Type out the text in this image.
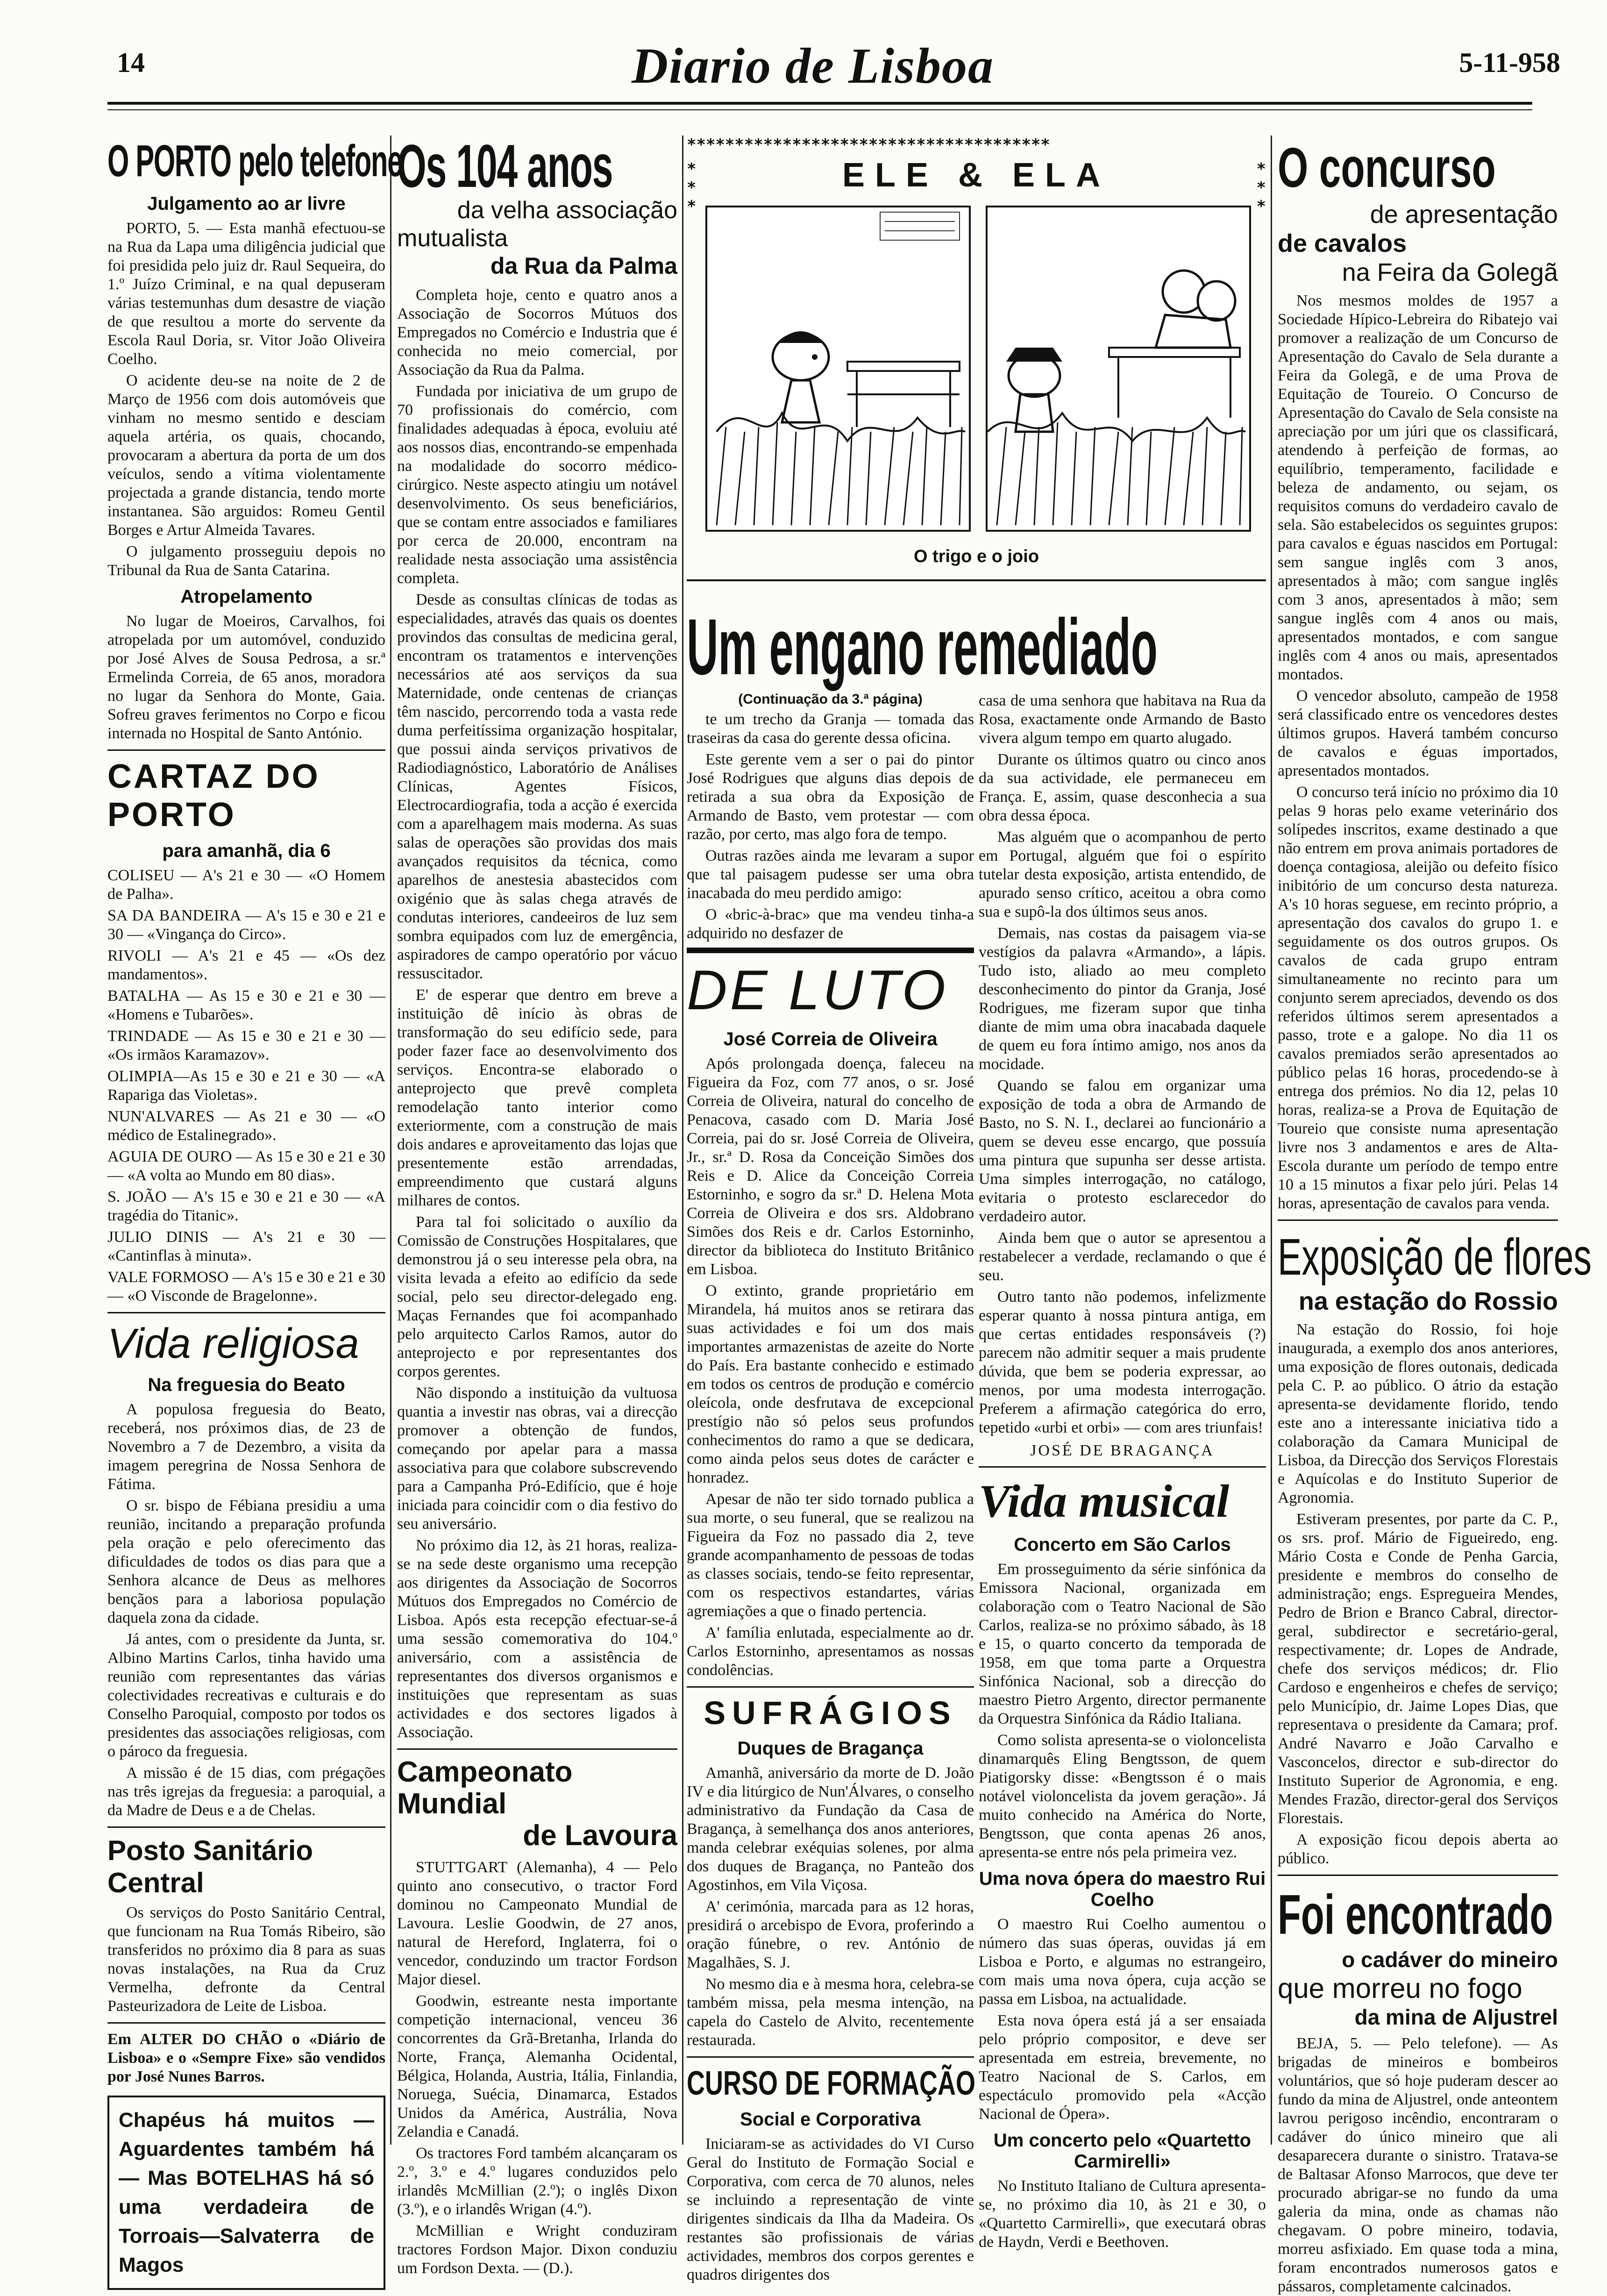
14	Diario de Lisboa	5-11-958
O PORTO pelo telefone
Julgamento ao ar livre

PORTO, 5. — Esta manhã efectuou-se na Rua da Lapa uma diligência judicial que foi presidida pelo juiz dr. Raul Sequeira, do 1.º Juízo Criminal, e na qual depuseram várias testemunhas dum desastre de viação de que resultou a morte do servente da Escola Raul Doria, sr. Vitor João Oliveira Coelho.

O acidente deu-se na noite de 2 de Março de 1956 com dois automóveis que vinham no mesmo sentido e desciam aquela artéria, os quais, chocando, provocaram a abertura da porta de um dos veículos, sendo a vítima violentamente projectada a grande distancia, tendo morte instantanea. São arguidos: Romeu Gentil Borges e Artur Almeida Tavares.

O julgamento prosseguiu depois no Tribunal da Rua de Santa Catarina.

Atropelamento

No lugar de Moeiros, Carvalhos, foi atropelada por um automóvel, conduzido por José Alves de Sousa Pedrosa, a sr.ª Ermelinda Correia, de 65 anos, moradora no lugar da Senhora do Monte, Gaia. Sofreu graves ferimentos no Corpo e ficou internada no Hospital de Santo António.

CARTAZ DO PORTO
para amanhã, dia 6

COLISEU — A's 21 e 30 — «O Homem de Palha».

SA DA BANDEIRA — A's 15 e 30 e 21 e 30 — «Vingança do Circo».

RIVOLI — A's 21 e 45 — «Os dez mandamentos».

BATALHA — As 15 e 30 e 21 e 30 — «Homens e Tubarões».

TRINDADE — As 15 e 30 e 21 e 30 — «Os irmãos Karamazov».

OLIMPIA—As 15 e 30 e 21 e 30 — «A Rapariga das Violetas».

NUN'ALVARES — As 21 e 30 — «O médico de Estalinegrado».

AGUIA DE OURO — As 15 e 30 e 21 e 30 — «A volta ao Mundo em 80 dias».

S. JOÃO — A's 15 e 30 e 21 e 30 — «A tragédia do Titanic».

JULIO DINIS — A's 21 e 30 — «Cantinflas à minuta».

VALE FORMOSO — A's 15 e 30 e 21 e 30 — «O Visconde de Bragelonne».

Vida religiosa
Na freguesia do Beato

A populosa freguesia do Beato, receberá, nos próximos dias, de 23 de Novembro a 7 de Dezembro, a visita da imagem peregrina de Nossa Senhora de Fátima.

O sr. bispo de Fébiana presidiu a uma reunião, incitando a preparação profunda pela oração e pelo oferecimento das dificuldades de todos os dias para que a Senhora alcance de Deus as melhores bençãos para a laboriosa população daquela zona da cidade.

Já antes, com o presidente da Junta, sr. Albino Martins Carlos, tinha havido uma reunião com representantes das várias colectividades recreativas e culturais e do Conselho Paroquial, composto por todos os presidentes das associações religiosas, com o pároco da freguesia.

A missão é de 15 dias, com prégações nas três igrejas da freguesia: a paroquial, a da Madre de Deus e a de Chelas.

Posto Sanitário Central

Os serviços do Posto Sanitário Central, que funcionam na Rua Tomás Ribeiro, são transferidos no próximo dia 8 para as suas novas instalações, na Rua da Cruz Vermelha, defronte da Central Pasteurizadora de Leite de Lisboa.

Em ALTER DO CHÃO o «Diário de Lisboa» e o «Sempre Fixe» são vendidos por José Nunes Barros.

Chapéus há muitos — Aguardentes também há — Mas BOTELHAS há só uma verdadeira de Torroais—Salvaterra de Magos
Os 104 anos
da velha associação
mutualista
da Rua da Palma

Completa hoje, cento e quatro anos a Associação de Socorros Mútuos dos Empregados no Comércio e Industria que é conhecida no meio comercial, por Associação da Rua da Palma.

Fundada por iniciativa de um grupo de 70 profissionais do comércio, com finalidades adequadas à época, evoluiu até aos nossos dias, encontrando-se empenhada na modalidade do socorro médico-cirúrgico. Neste aspecto atingiu um notável desenvolvimento. Os seus beneficiários, que se contam entre associados e familiares por cerca de 20.000, encontram na realidade nesta associação uma assistência completa.

Desde as consultas clínicas de todas as especialidades, através das quais os doentes provindos das consultas de medicina geral, encontram os tratamentos e intervenções necessários até aos serviços da sua Maternidade, onde centenas de crianças têm nascido, percorrendo toda a vasta rede duma perfeitíssima organização hospitalar, que possui ainda serviços privativos de Radiodiagnóstico, Laboratório de Análises Clínicas, Agentes Físicos, Electrocardiografia, toda a acção é exercida com a aparelhagem mais moderna. As suas salas de operações são providas dos mais avançados requisitos da técnica, como aparelhos de anestesia abastecidos com oxigénio que às salas chega através de condutas interiores, candeeiros de luz sem sombra equipados com luz de emergência, aspiradores de campo operatório por vácuo ressuscitador.

E' de esperar que dentro em breve a instituição dê início às obras de transformação do seu edifício sede, para poder fazer face ao desenvolvimento dos serviços. Encontra-se elaborado o anteprojecto que prevê completa remodelação tanto interior como exteriormente, com a construção de mais dois andares e aproveitamento das lojas que presentemente estão arrendadas, empreendimento que custará alguns milhares de contos.

Para tal foi solicitado o auxílio da Comissão de Construções Hospitalares, que demonstrou já o seu interesse pela obra, na visita levada a efeito ao edifício da sede social, pelo seu director-delegado eng. Maças Fernandes que foi acompanhado pelo arquitecto Carlos Ramos, autor do anteprojecto e por representantes dos corpos gerentes.

Não dispondo a instituição da vultuosa quantia a investir nas obras, vai a direcção promover a obtenção de fundos, começando por apelar para a massa associativa para que colabore subscrevendo para a Campanha Pró-Edifício, que é hoje iniciada para coincidir com o dia festivo do seu aniversário.

No próximo dia 12, às 21 horas, realiza-se na sede deste organismo uma recepção aos dirigentes da Associação de Socorros Mútuos dos Empregados no Comércio de Lisboa. Após esta recepção efectuar-se-á uma sessão comemorativa do 104.º aniversário, com a assistência de representantes dos diversos organismos e instituições que representam as suas actividades e dos sectores ligados à Associação.

Campeonato Mundial
de Lavoura

STUTTGART (Alemanha), 4 — Pelo quinto ano consecutivo, o tractor Ford dominou no Campeonato Mundial de Lavoura. Leslie Goodwin, de 27 anos, natural de Hereford, Inglaterra, foi o vencedor, conduzindo um tractor Fordson Major diesel.

Goodwin, estreante nesta importante competição internacional, venceu 36 concorrentes da Grã-Bretanha, Irlanda do Norte, França, Alemanha Ocidental, Bélgica, Holanda, Austria, Itália, Finlandia, Noruega, Suécia, Dinamarca, Estados Unidos da América, Austrália, Nova Zelandia e Canadá.

Os tractores Ford também alcançaram os 2.º, 3.º e 4.º lugares conduzidos pelo irlandês McMillian (2.º); o inglês Dixon (3.º), e o irlandês Wrigan (4.º).

McMillian e Wright conduziram tractores Fordson Major. Dixon conduziu um Fordson Dexta. — (D.).

**************************************
*
*
*
*
*
*
ELE & ELA
O trigo e o joio
Um engano remediado
(Continuação da 3.ª página)

te um trecho da Granja — tomada das traseiras da casa do gerente dessa oficina.

Este gerente vem a ser o pai do pintor José Rodrigues que alguns dias depois de retirada a sua obra da Exposição de Armando de Basto, vem protestar — com razão, por certo, mas algo fora de tempo.

Outras razões ainda me levaram a supor que tal paisagem pudesse ser uma obra inacabada do meu perdido amigo:

O «bric-à-brac» que ma vendeu tinha-a adquirido no desfazer de

DE LUTO
José Correia de Oliveira

Após prolongada doença, faleceu na Figueira da Foz, com 77 anos, o sr. José Correia de Oliveira, natural do concelho de Penacova, casado com D. Maria José Correia, pai do sr. José Correia de Oliveira, Jr., sr.ª D. Rosa da Conceição Simões dos Reis e D. Alice da Conceição Correia Estorninho, e sogro da sr.ª D. Helena Mota Correia de Oliveira e dos srs. Aldobrano Simões dos Reis e dr. Carlos Estorninho, director da biblioteca do Instituto Britânico em Lisboa.

O extinto, grande proprietário em Mirandela, há muitos anos se retirara das suas actividades e foi um dos mais importantes armazenistas de azeite do Norte do País. Era bastante conhecido e estimado em todos os centros de produção e comércio oleícola, onde desfrutava de excepcional prestígio não só pelos seus profundos conhecimentos do ramo a que se dedicara, como ainda pelos seus dotes de carácter e honradez.

Apesar de não ter sido tornado publica a sua morte, o seu funeral, que se realizou na Figueira da Foz no passado dia 2, teve grande acompanhamento de pessoas de todas as classes sociais, tendo-se feito representar, com os respectivos estandartes, várias agremiações a que o finado pertencia.

A' família enlutada, especialmente ao dr. Carlos Estorninho, apresentamos as nossas condolências.

SUFRÁGIOS
Duques de Bragança

Amanhã, aniversário da morte de D. João IV e dia litúrgico de Nun'Álvares, o conselho administrativo da Fundação da Casa de Bragança, à semelhança dos anos anteriores, manda celebrar exéquias solenes, por alma dos duques de Bragança, no Panteão dos Agostinhos, em Vila Viçosa.

A' cerimónia, marcada para as 12 horas, presidirá o arcebispo de Evora, proferindo a oração fúnebre, o rev. António de Magalhães, S. J.

No mesmo dia e à mesma hora, celebra-se também missa, pela mesma intenção, na capela do Castelo de Alvito, recentemente restaurada.

CURSO DE FORMAÇÃO
Social e Corporativa

Iniciaram-se as actividades do VI Curso Geral do Instituto de Formação Social e Corporativa, com cerca de 70 alunos, neles se incluindo a representação de vinte dirigentes sindicais da Ilha da Madeira. Os restantes são profissionais de várias actividades, membros dos corpos gerentes e quadros dirigentes dos

casa de uma senhora que habitava na Rua da Rosa, exactamente onde Armando de Basto vivera algum tempo em quarto alugado.

Durante os últimos quatro ou cinco anos da sua actividade, ele permaneceu em França. E, assim, quase desconhecia a sua obra dessa época.

Mas alguém que o acompanhou de perto em Portugal, alguém que foi o espírito tutelar desta exposição, artista entendido, de apurado senso crítico, aceitou a obra como sua e supô-la dos últimos seus anos.

Demais, nas costas da paisagem via-se vestígios da palavra «Armando», a lápis. Tudo isto, aliado ao meu completo desconhecimento do pintor da Granja, José Rodrigues, me fizeram supor que tinha diante de mim uma obra inacabada daquele de quem eu fora íntimo amigo, nos anos da mocidade.

Quando se falou em organizar uma exposição de toda a obra de Armando de Basto, no S. N. I., declarei ao funcionário a quem se deveu esse encargo, que possuía uma pintura que supunha ser desse artista. Uma simples interrogação, no catálogo, evitaria o protesto esclarecedor do verdadeiro autor.

Ainda bem que o autor se apresentou a restabelecer a verdade, reclamando o que é seu.

Outro tanto não podemos, infelizmente esperar quanto à nossa pintura antiga, em que certas entidades responsáveis (?) parecem não admitir sequer a mais prudente dúvida, que bem se poderia expressar, ao menos, por uma modesta interrogação. Preferem a afirmação categórica do erro, tepetido «urbi et orbi» — com ares triunfais!

JOSÉ DE BRAGANÇA
Vida musical
Concerto em São Carlos

Em prosseguimento da série sinfónica da Emissora Nacional, organizada em colaboração com o Teatro Nacional de São Carlos, realiza-se no próximo sábado, às 18 e 15, o quarto concerto da temporada de 1958, em que toma parte a Orquestra Sinfónica Nacional, sob a direcção do maestro Pietro Argento, director permanente da Orquestra Sinfónica da Rádio Italiana.

Como solista apresenta-se o violoncelista dinamarquês Eling Bengtsson, de quem Piatigorsky disse: «Bengtsson é o mais notável violoncelista da jovem geração». Já muito conhecido na América do Norte, Bengtsson, que conta apenas 26 anos, apresenta-se entre nós pela primeira vez.

Uma nova ópera do maestro Rui Coelho

O maestro Rui Coelho aumentou o número das suas óperas, ouvidas já em Lisboa e Porto, e algumas no estrangeiro, com mais uma nova ópera, cuja acção se passa em Lisboa, na actualidade.

Esta nova ópera está já a ser ensaiada pelo próprio compositor, e deve ser apresentada em estreia, brevemente, no Teatro Nacional de S. Carlos, em espectáculo promovido pela «Acção Nacional de Ópera».

Um concerto pelo «Quartetto Carmirelli»

No Instituto Italiano de Cultura apresenta-se, no próximo dia 10, às 21 e 30, o «Quartetto Carmirelli», que executará obras de Haydn, Verdi e Beethoven.

O concurso
de apresentação
de cavalos
na Feira da Golegã

Nos mesmos moldes de 1957 a Sociedade Hípico-Lebreira do Ribatejo vai promover a realização de um Concurso de Apresentação do Cavalo de Sela durante a Feira da Golegã, e de uma Prova de Equitação de Toureio. O Concurso de Apresentação do Cavalo de Sela consiste na apreciação por um júri que os classificará, atendendo à perfeição de formas, ao equilíbrio, temperamento, facilidade e beleza de andamento, ou sejam, os requisitos comuns do verdadeiro cavalo de sela. São estabelecidos os seguintes grupos: para cavalos e éguas nascidos em Portugal: sem sangue inglês com 3 anos, apresentados à mão; com sangue inglês com 3 anos, apresentados à mão; sem sangue inglês com 4 anos ou mais, apresentados montados, e com sangue inglês com 4 anos ou mais, apresentados montados.

O vencedor absoluto, campeão de 1958 será classificado entre os vencedores destes últimos grupos. Haverá também concurso de cavalos e éguas importados, apresentados montados.

O concurso terá início no próximo dia 10 pelas 9 horas pelo exame veterinário dos solípedes inscritos, exame destinado a que não entrem em prova animais portadores de doença contagiosa, aleijão ou defeito físico inibitório de um concurso desta natureza. A's 10 horas seguese, em recinto próprio, a apresentação dos cavalos do grupo 1. e seguidamente os dos outros grupos. Os cavalos de cada grupo entram simultaneamente no recinto para um conjunto serem apreciados, devendo os dos referidos últimos serem apresentados a passo, trote e a galope. No dia 11 os cavalos premiados serão apresentados ao público pelas 16 horas, procedendo-se à entrega dos prémios. No dia 12, pelas 10 horas, realiza-se a Prova de Equitação de Toureio que consiste numa apresentação livre nos 3 andamentos e ares de Alta-Escola durante um período de tempo entre 10 a 15 minutos a fixar pelo júri. Pelas 14 horas, apresentação de cavalos para venda.

Exposição de flores
na estação do Rossio

Na estação do Rossio, foi hoje inaugurada, a exemplo dos anos anteriores, uma exposição de flores outonais, dedicada pela C. P. ao público. O átrio da estação apresenta-se devidamente florido, tendo este ano a interessante iniciativa tido a colaboração da Camara Municipal de Lisboa, da Direcção dos Serviços Florestais e Aquícolas e do Instituto Superior de Agronomia.

Estiveram presentes, por parte da C. P., os srs. prof. Mário de Figueiredo, eng. Mário Costa e Conde de Penha Garcia, presidente e membros do conselho de administração; engs. Espregueira Mendes, Pedro de Brion e Branco Cabral, director-geral, subdirector e secretário-geral, respectivamente; dr. Lopes de Andrade, chefe dos serviços médicos; dr. Flio Cardoso e engenheiros e chefes de serviço; pelo Município, dr. Jaime Lopes Dias, que representava o presidente da Camara; prof. André Navarro e João Carvalho e Vasconcelos, director e sub-director do Instituto Superior de Agronomia, e eng. Mendes Frazão, director-geral dos Serviços Florestais.

A exposição ficou depois aberta ao público.

Foi encontrado
o cadáver do mineiro
que morreu no fogo
da mina de Aljustrel

BEJA, 5. — Pelo telefone). — As brigadas de mineiros e bombeiros voluntários, que só hoje puderam descer ao fundo da mina de Aljustrel, onde anteontem lavrou perigoso incêndio, encontraram o cadáver do único mineiro que ali desaparecera durante o sinistro. Tratava-se de Baltasar Afonso Marrocos, que deve ter procurado abrigar-se no fundo da uma galeria da mina, onde as chamas não chegavam. O pobre mineiro, todavia, morreu asfixiado. Em quase toda a mina, foram encontrados numerosos gatos e pássaros, completamente calcinados.
